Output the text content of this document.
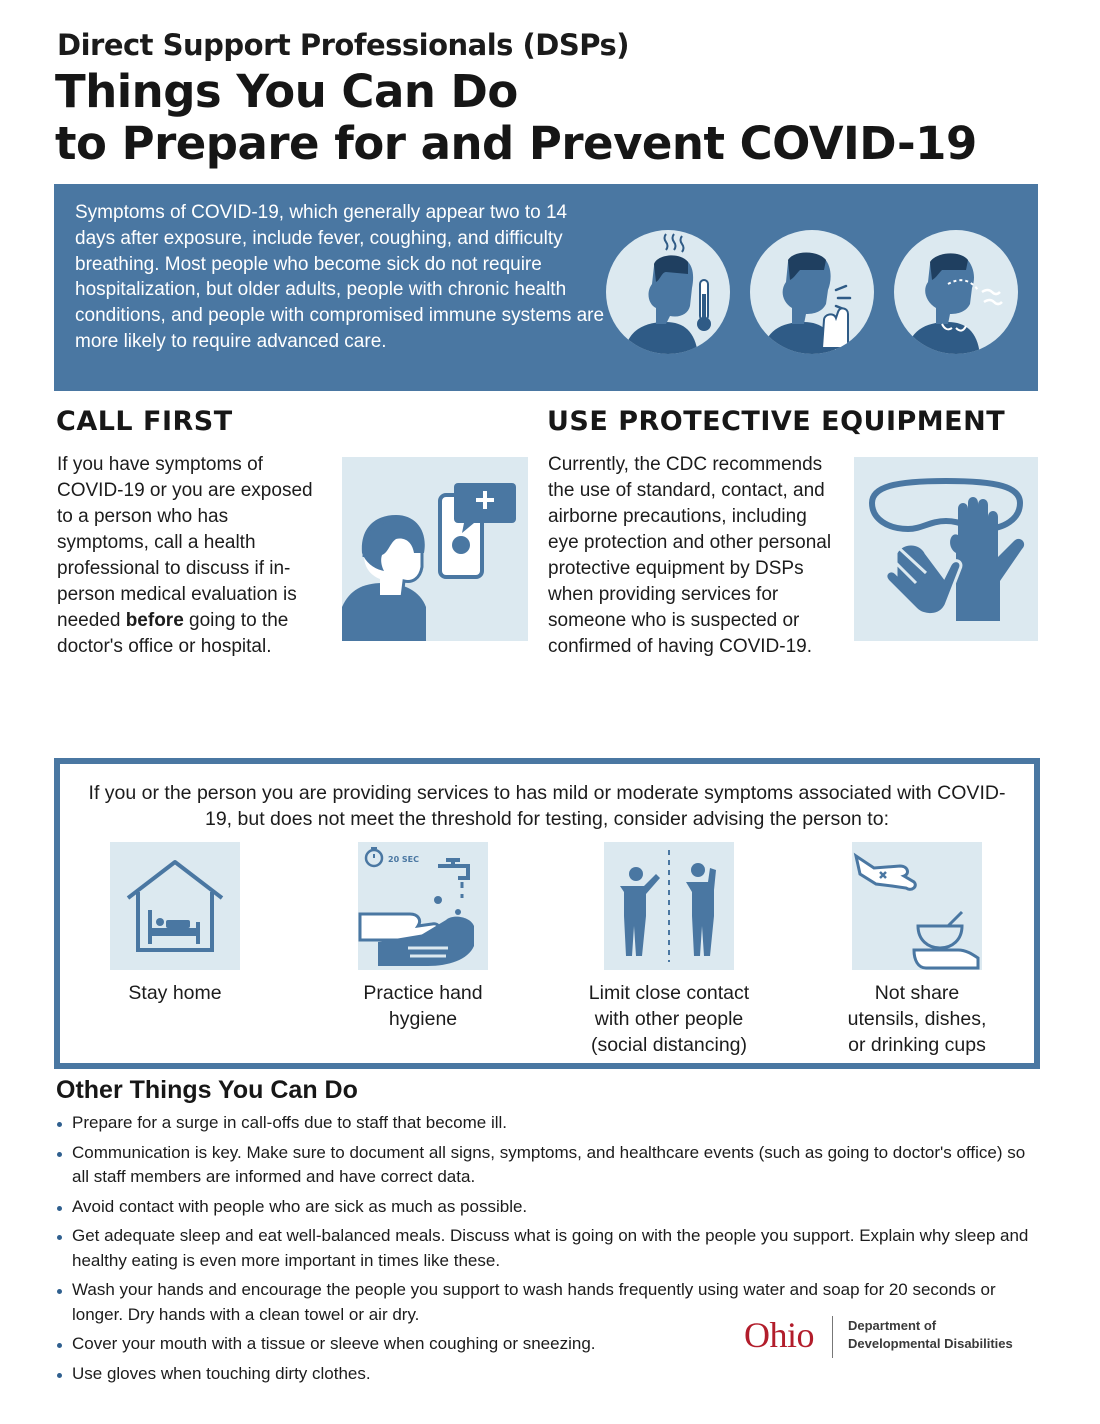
Direct Support Professionals (DSPs)
Things You Can Do
to Prepare for and Prevent COVID-19
Symptoms of COVID-19, which generally appear two to 14 days after exposure, include fever, coughing, and difficulty breathing. Most people who become sick do not require hospitalization, but older adults, people with chronic health conditions, and people with compromised immune systems are more likely to require advanced care.
CALL FIRST
If you have symptoms of COVID-19 or you are exposed to a person who has symptoms, call a health professional to discuss if in-person medical evaluation is needed before going to the doctor's office or hospital.
USE PROTECTIVE EQUIPMENT
Currently, the CDC recommends the use of standard, contact, and airborne precautions, including eye protection and other personal protective equipment by DSPs when providing services for someone who is suspected or confirmed of having COVID-19.
If you or the person you are providing services to has mild or moderate symptoms associated with COVID-19, but does not meet the threshold for testing, consider advising the person to:
Stay home
20 SEC
Practice hand
hygiene
Limit close contact
with other people
(social distancing)
Not share
utensils, dishes,
or drinking cups
Other Things You Can Do
Prepare for a surge in call-offs due to staff that become ill.
Communication is key. Make sure to document all signs, symptoms, and healthcare events (such as going to doctor's office) so all staff members are informed and have correct data.
Avoid contact with people who are sick as much as possible.
Get adequate sleep and eat well-balanced meals. Discuss what is going on with the people you support. Explain why sleep and healthy eating is even more important in times like these.
Wash your hands and encourage the people you support to wash hands frequently using water and soap for 20 seconds or longer. Dry hands with a clean towel or air dry.
Cover your mouth with a tissue or sleeve when coughing or sneezing.
Use gloves when touching dirty clothes.
Ohio	Department of
Developmental Disabilities
